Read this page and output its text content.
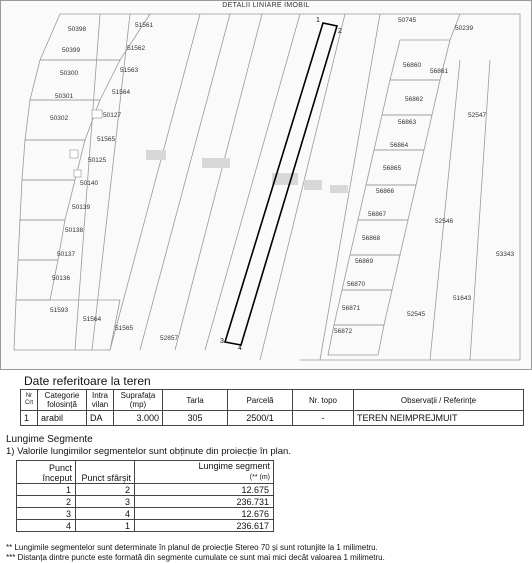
50398
51561
50399	51562
50300	51563
50301
51564
50302	50127
51565
50125
50140
50139
50138
50137
50136
51593
51564
51565
52857
50745
50239
56860
56861
56862
52547
56863
56864
56865
56866
56867
52546
56868
53343
56869
56870
51643
56871
52545
56872
1
2
3
4
DETALII LINIARE IMOBIL
Date referitoare la teren
Nr Crt	Categorie folosință	Intra vilan	Suprafața (mp)	Tarla	Parcelă	Nr. topo	Observații / Referințe
1	arabil	DA	3.000	305	2500/1	-	TEREN NEIMPREJMUIT
Lungime Segmente
1) Valorile lungimilor segmentelor sunt obținute din proiecție în plan.
Punct început	Punct sfârșit	Lungime segment
(** (m)
1	2	12.675
2	3	236.731
3	4	12.676
4	1	236.617
** Lungimile segmentelor sunt determinate în planul de proiecție Stereo 70 și sunt rotunjite la 1 milimetru.
*** Distanța dintre puncte este formată din segmente cumulate ce sunt mai mici decât valoarea 1 milimetru.
